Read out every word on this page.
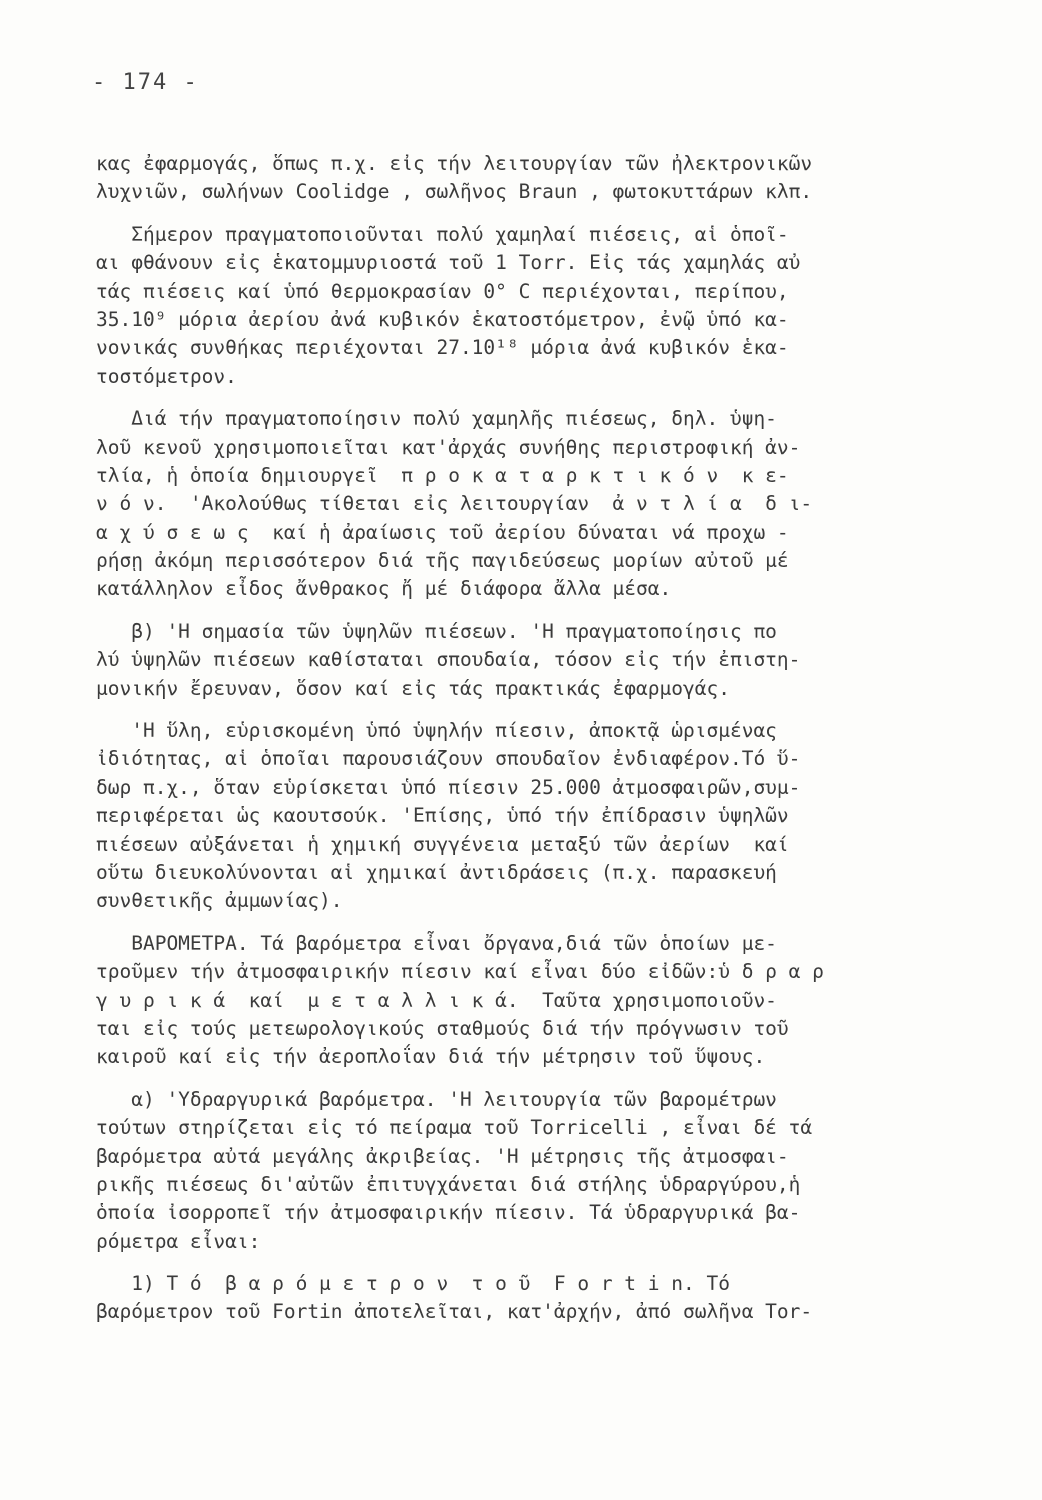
- 174 -
κας ἐφαρμογάς, ὅπως π.χ. εἰς τήν λειτουργίαν τῶν ἠλεκτρονικῶν
λυχνιῶν, σωλήνων Coolidge , σωλῆνος Braun , φωτοκυττάρων κλπ.
Σήμερον πραγματοποιοῦνται πολύ χαμηλαί πιέσεις, αἱ ὁποῖ-
αι φθάνουν εἰς ἑκατομμυριοστά τοῦ 1 Torr. Εἰς τάς χαμηλάς αὐ
τάς πιέσεις καί ὑπό θερμοκρασίαν 0° C περιέχονται, περίπου,
35.10⁹ μόρια ἀερίου ἀνά κυβικόν ἑκατοστόμετρον, ἐνῷ ὑπό κα-
νονικάς συνθήκας περιέχονται 27.10¹⁸ μόρια ἀνά κυβικόν ἑκα-
τοστόμετρον.
Διά τήν πραγματοποίησιν πολύ χαμηλῆς πιέσεως, δηλ. ὑψη-
λοῦ κενοῦ χρησιμοποιεῖται κατ'ἀρχάς συνήθης περιστροφική ἀν-
τλία, ἡ ὁποία δημιουργεῖ  π ρ ο κ α τ α ρ κ τ ι κ ό ν  κ ε-
ν ό ν.  'Ακολούθως τίθεται εἰς λειτουργίαν  ἀ ν τ λ ί α  δ ι-
α χ ύ σ ε ω ς  καί ἡ ἀραίωσις τοῦ ἀερίου δύναται νά προχω -
ρήσῃ ἀκόμη περισσότερον διά τῆς παγιδεύσεως μορίων αὐτοῦ μέ
κατάλληλον εἶδος ἄνθρακος ἤ μέ διάφορα ἄλλα μέσα.
β) 'Η σημασία τῶν ὑψηλῶν πιέσεων. 'Η πραγματοποίησις πο
λύ ὑψηλῶν πιέσεων καθίσταται σπουδαία, τόσον εἰς τήν ἐπιστη-
μονικήν ἔρευναν, ὅσον καί εἰς τάς πρακτικάς ἐφαρμογάς.
'Η ὕλη, εὑρισκομένη ὑπό ὑψηλήν πίεσιν, ἀποκτᾷ ὡρισμένας
ἰδιότητας, αἱ ὁποῖαι παρουσιάζουν σπουδαῖον ἐνδιαφέρον.Τό ὕ-
δωρ π.χ., ὅταν εὑρίσκεται ὑπό πίεσιν 25.000 ἀτμοσφαιρῶν,συμ-
περιφέρεται ὡς καουτσούκ. 'Επίσης, ὑπό τήν ἐπίδρασιν ὑψηλῶν
πιέσεων αὐξάνεται ἡ χημική συγγένεια μεταξύ τῶν ἀερίων  καί
οὕτω διευκολύνονται αἱ χημικαί ἀντιδράσεις (π.χ. παρασκευή
συνθετικῆς ἀμμωνίας).
ΒΑΡΟΜΕΤΡΑ. Τά βαρόμετρα εἶναι ὄργανα,διά τῶν ὁποίων με-
τροῦμεν τήν ἀτμοσφαιρικήν πίεσιν καί εἶναι δύο εἰδῶν:ὑ δ ρ α ρ
γ υ ρ ι κ ά  καί  μ ε τ α λ λ ι κ ά.  Ταῦτα χρησιμοποιοῦν-
ται εἰς τούς μετεωρολογικούς σταθμούς διά τήν πρόγνωσιν τοῦ
καιροῦ καί εἰς τήν ἀεροπλοΐαν διά τήν μέτρησιν τοῦ ὕψους.
α) 'Υδραργυρικά βαρόμετρα. 'Η λειτουργία τῶν βαρομέτρων
τούτων στηρίζεται εἰς τό πείραμα τοῦ Torricelli , εἶναι δέ τά
βαρόμετρα αὐτά μεγάλης ἀκριβείας. 'Η μέτρησις τῆς ἀτμοσφαι-
ρικῆς πιέσεως δι'αὐτῶν ἐπιτυγχάνεται διά στήλης ὑδραργύρου,ἡ
ὁποία ἰσορροπεῖ τήν ἀτμοσφαιρικήν πίεσιν. Τά ὑδραργυρικά βα-
ρόμετρα εἶναι:
1) Τ ό  β α ρ ό μ ε τ ρ ο ν  τ ο ῦ  F o r t i n. Τό
βαρόμετρον τοῦ Fortin ἀποτελεῖται, κατ'ἀρχήν, ἀπό σωλῆνα Tor-
